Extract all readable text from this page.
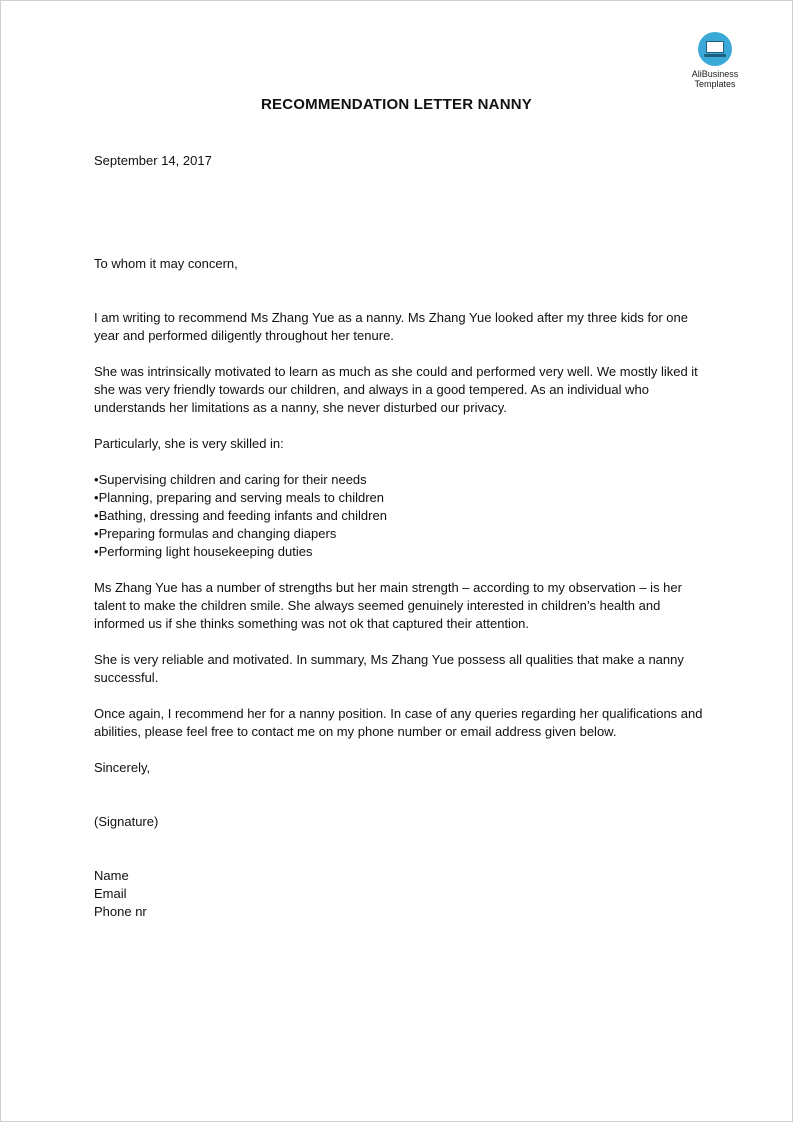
AliBusiness
Templates
RECOMMENDATION LETTER NANNY

September 14, 2017

To whom it may concern,

I am writing to recommend Ms Zhang Yue as a nanny. Ms Zhang Yue looked after my three kids for one year and performed diligently throughout her tenure.

She was intrinsically motivated to learn as much as she could and performed very well. We mostly liked it she was very friendly towards our children, and always in a good tempered. As an individual who understands her limitations as a nanny, she never disturbed our privacy.

Particularly, she is very skilled in:

• Supervising children and caring for their needs
• Planning, preparing and serving meals to children
• Bathing, dressing and feeding infants and children
• Preparing formulas and changing diapers
• Performing light housekeeping duties

Ms Zhang Yue has a number of strengths but her main strength – according to my observation – is her talent to make the children smile. She always seemed genuinely interested in children’s health and informed us if she thinks something was not ok that captured their attention.

She is very reliable and motivated. In summary, Ms Zhang Yue possess all qualities that make a nanny successful.

Once again, I recommend her for a nanny position. In case of any queries regarding her qualifications and abilities, please feel free to contact me on my phone number or email address given below.

Sincerely,

(Signature)

Name

Email

Phone nr
